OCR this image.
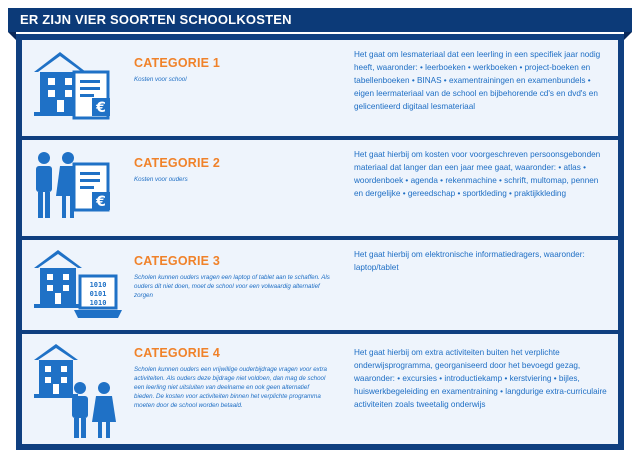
ER ZIJN VIER SOORTEN SCHOOLKOSTEN
€
CATEGORIE 1
Kosten voor school

Het gaat om lesmateriaal dat een leerling in een specifiek jaar nodig heeft, waaronder: • leerboeken • werkboeken • project-boeken en tabellenboeken • BINAS • examentrainingen en examenbundels • eigen leermateriaal van de school en bijbehorende cd's en dvd's en gelicentieerd digitaal lesmateriaal

€
CATEGORIE 2
Kosten voor ouders

Het gaat hierbij om kosten voor voorgeschreven persoonsgebonden materiaal dat langer dan een jaar mee gaat, waaronder: • atlas • woordenboek • agenda • rekenmachine • schrift, multomap, pennen en dergelijke • gereedschap • sportkleding • praktijkkleding

1010
0101
1010
CATEGORIE 3
Scholen kunnen ouders vragen een laptop of tablet aan te schaffen. Als ouders dit niet doen, moet de school voor een volwaardig alternatief zorgen

Het gaat hierbij om elektronische informatiedragers, waaronder: laptop/tablet

CATEGORIE 4
Scholen kunnen ouders een vrijwillige ouderbijdrage vragen voor extra activiteiten. Als ouders deze bijdrage niet voldoen, dan mag de school een leerling niet uitsluiten van deelname en ook geen alternatief bieden. De kosten voor activiteiten binnen het verplichte programma moeten door de school worden betaald.

Het gaat hierbij om extra activiteiten buiten het verplichte onderwijsprogramma, georganiseerd door het bevoegd gezag, waaronder: • excursies • introductiekamp • kerstviering • bijles, huiswerkbegeleiding en examentraining • langdurige extra-curriculaire activiteiten zoals tweetalig onderwijs
